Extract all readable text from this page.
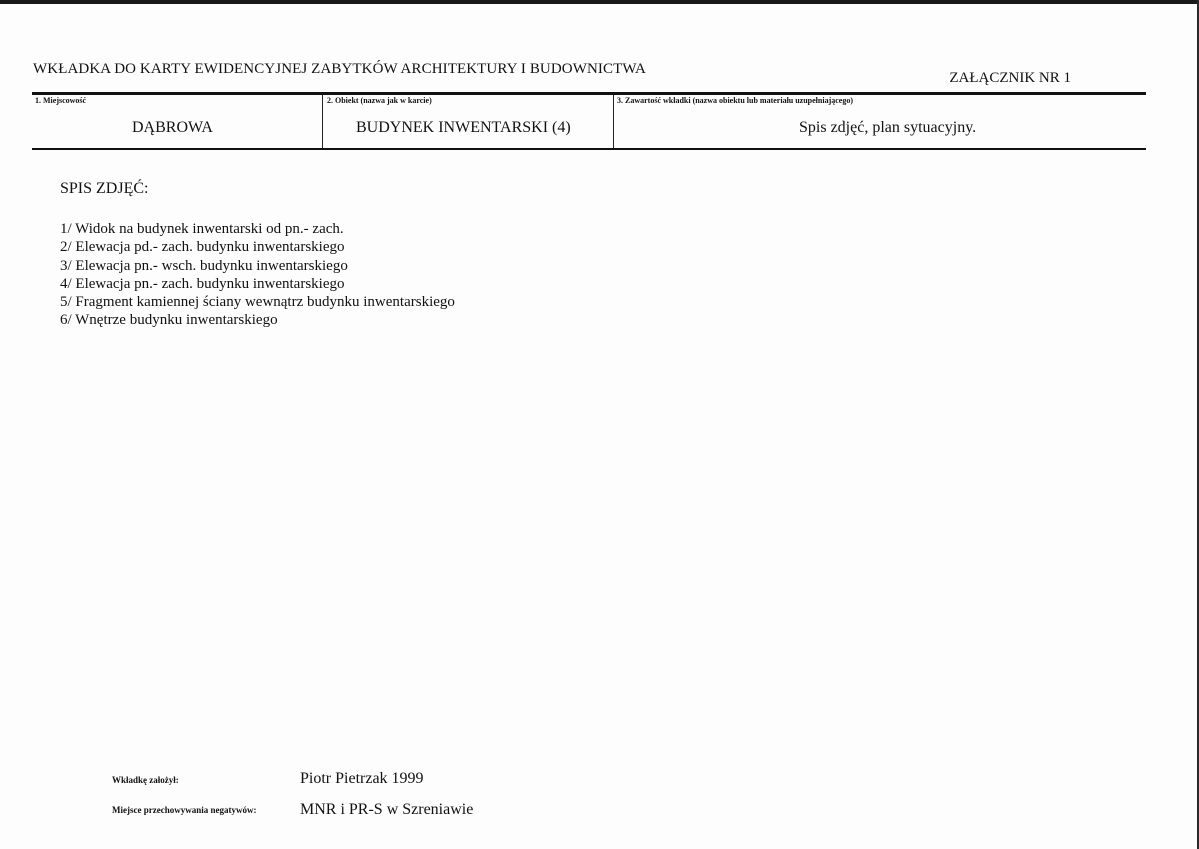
WKŁADKA DO KARTY EWIDENCYJNEJ ZABYTKÓW ARCHITEKTURY I BUDOWNICTWA
ZAŁĄCZNIK NR 1
1. Miejscowość
DĄBROWA
2. Obiekt (nazwa jak w karcie)
BUDYNEK INWENTARSKI (4)
3. Zawartość wkładki (nazwa obiektu lub materiału uzupełniającego)
Spis zdjęć, plan sytuacyjny.
SPIS ZDJĘĆ:
1/ Widok na budynek inwentarski od pn.- zach.
2/ Elewacja pd.- zach. budynku inwentarskiego
3/ Elewacja pn.- wsch. budynku inwentarskiego
4/ Elewacja pn.- zach. budynku inwentarskiego
5/ Fragment kamiennej ściany wewnątrz budynku inwentarskiego
6/ Wnętrze budynku inwentarskiego
Wkładkę założył:	Piotr Pietrzak 1999
Miejsce przechowywania negatywów:	MNR i PR-S w Szreniawie
